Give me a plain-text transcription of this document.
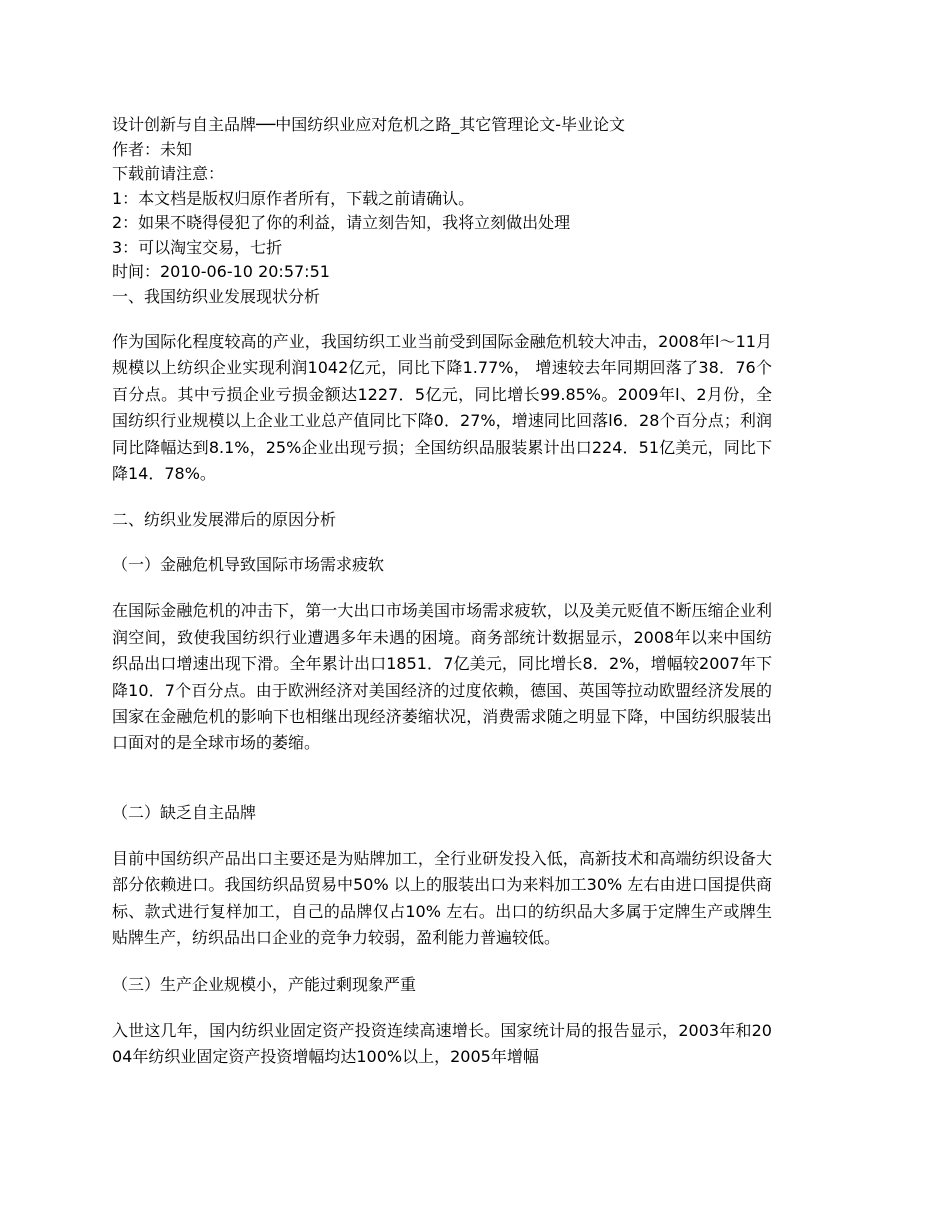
设计创新与自主品牌──中国纺织业应对危机之路_其它管理论文-毕业论文
作者：未知
下载前请注意：
1：本文档是版权归原作者所有，下载之前请确认。
2：如果不晓得侵犯了你的利益，请立刻告知，我将立刻做出处理
3：可以淘宝交易，七折
时间：2010-06-10 20:57:51
一、我国纺织业发展现状分析
作为国际化程度较高的产业，我国纺织工业当前受到国际金融危机较大冲击，2008年l～11月规模以上纺织企业实现利润1042亿元，同比下降1.77%， 增速较去年同期回落了38．76个百分点。其中亏损企业亏损金额达1227．5亿元，同比增长99.85%。2009年l、2月份，全国纺织行业规模以上企业工业总产值同比下降0．27%，增速同比回落l6．28个百分点；利润同比降幅达到8.1%，25%企业出现亏损；全国纺织品服装累计出口224．51亿美元，同比下降14．78%。
二、纺织业发展滞后的原因分析
（一）金融危机导致国际市场需求疲软
在国际金融危机的冲击下，第一大出口市场美国市场需求疲软，以及美元贬值不断压缩企业利润空间，致使我国纺织行业遭遇多年未遇的困境。商务部统计数据显示，2008年以来中国纺织品出口增速出现下滑。全年累计出口1851．7亿美元，同比增长8．2%，增幅较2007年下降10．7个百分点。由于欧洲经济对美国经济的过度依赖，德国、英国等拉动欧盟经济发展的国家在金融危机的影响下也相继出现经济萎缩状况，消费需求随之明显下降，中国纺织服装出口面对的是全球市场的萎缩。
（二）缺乏自主品牌
目前中国纺织产品出口主要还是为贴牌加工，全行业研发投入低，高新技术和高端纺织设备大部分依赖进口。我国纺织品贸易中50% 以上的服装出口为来料加工30% 左右由进口国提供商标、款式进行复样加工，自己的品牌仅占10% 左右。出口的纺织品大多属于定牌生产或牌生贴牌生产，纺织品出口企业的竞争力较弱，盈利能力普遍较低。
（三）生产企业规模小，产能过剩现象严重
入世这几年，国内纺织业固定资产投资连续高速增长。国家统计局的报告显示，2003年和2004年纺织业固定资产投资增幅均达100%以上，2005年增幅
